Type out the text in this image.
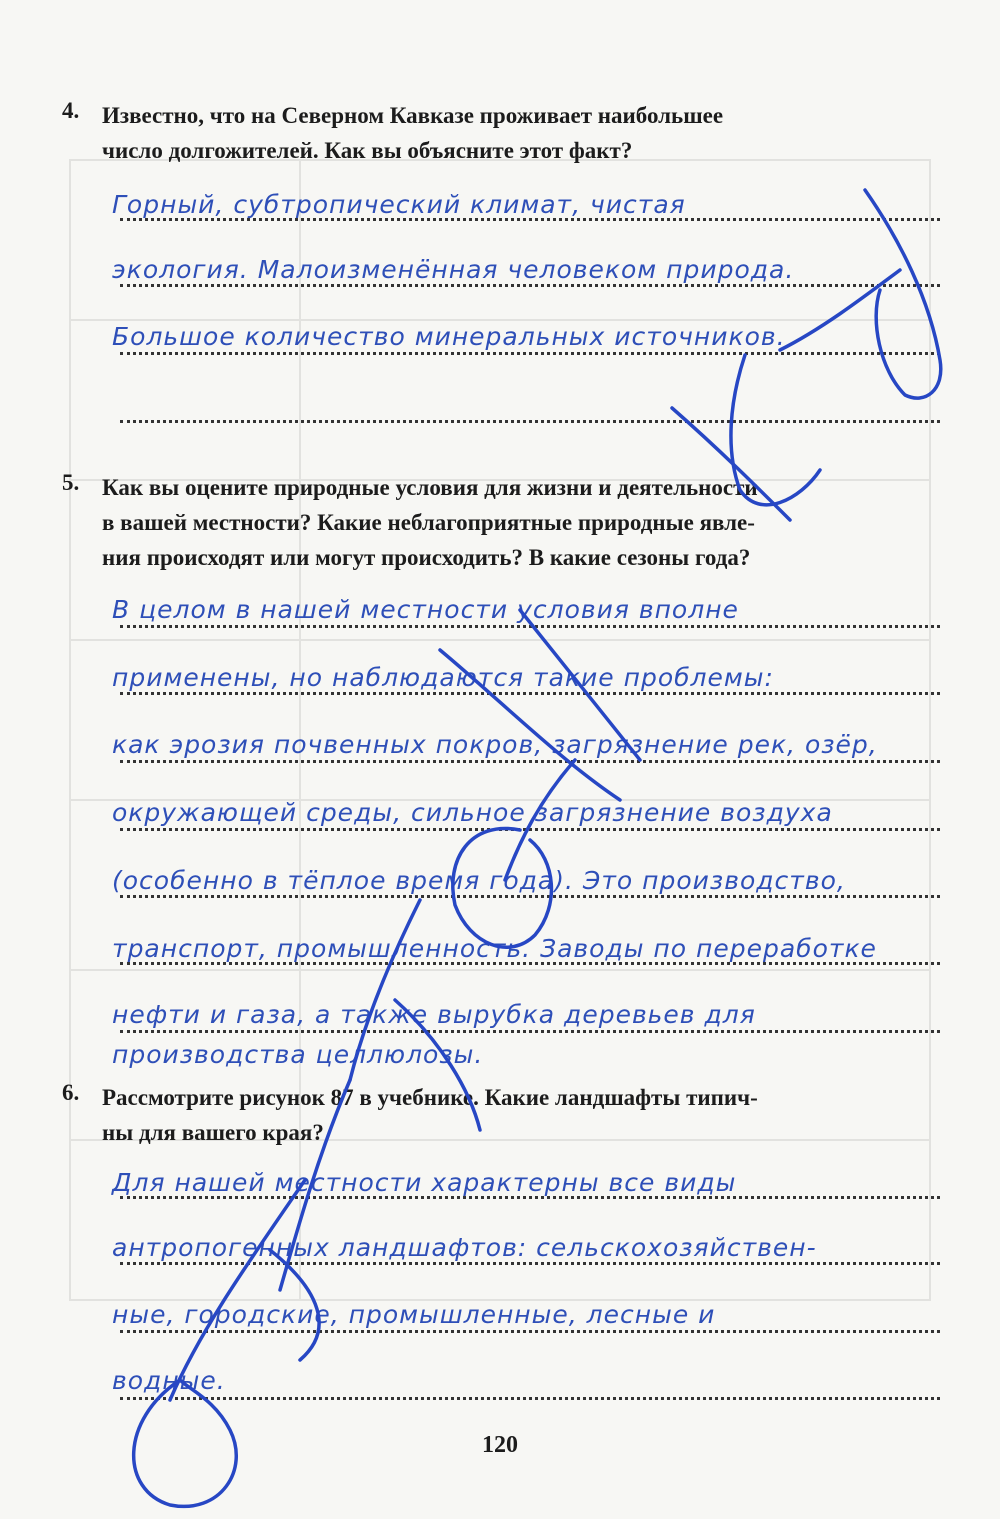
4. Известно, что на Северном Кавказе проживает наибольшее
число долгожителей. Как вы объясните этот факт?
Горный, субтропический климат, чистая
экология. Малоизменённая человеком природа.
Большое количество минеральных источников.
5. Как вы оцените природные условия для жизни и деятельности
в вашей местности? Какие неблагоприятные природные явле-
ния происходят или могут происходить? В какие сезоны года?
В целом в нашей местности условия вполне
применены, но наблюдаются такие проблемы:
как эрозия почвенных покров, загрязнение рек, озёр,
окружающей среды, сильное загрязнение воздуха
(особенно в тёплое время года). Это производство,
транспорт, промышленность. Заводы по переработке
нефти и газа, а также вырубка деревьев для
производства целлюлозы.
6. Рассмотрите рисунок 87 в учебнике. Какие ландшафты типич-
ны для вашего края?
Для нашей местности характерны все виды
антропогенных ландшафтов: сельскохозяйствен-
ные, городские, промышленные, лесные и
водные.
120
